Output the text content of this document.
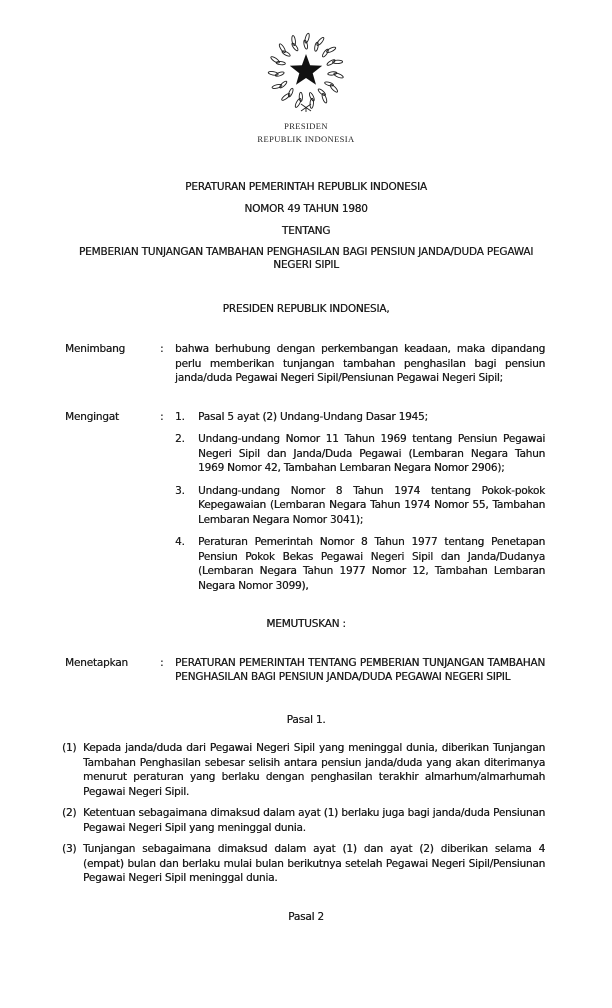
PRESIDEN
REPUBLIK INDONESIA
PERATURAN PEMERINTAH REPUBLIK INDONESIA
NOMOR 49 TAHUN 1980
TENTANG
PEMBERIAN TUNJANGAN TAMBAHAN PENGHASILAN BAGI PENSIUN JANDA/DUDA PEGAWAI NEGERI SIPIL
PRESIDEN REPUBLIK INDONESIA,
Menimbang	:	bahwa berhubung dengan perkembangan keadaan, maka dipandang perlu memberikan tunjangan tambahan penghasilan bagi pensiun janda/duda Pegawai Negeri Sipil/Pensiunan Pegawai Negeri Sipil;
Mengingat	:	1.	Pasal 5 ayat (2) Undang-Undang Dasar 1945;
2.	Undang-undang Nomor 11 Tahun 1969 tentang Pensiun Pegawai Negeri Sipil dan Janda/Duda Pegawai (Lembaran Negara Tahun 1969 Nomor 42, Tambahan Lembaran Negara Nomor 2906);
3.	Undang-undang Nomor 8 Tahun 1974 tentang Pokok-pokok Kepegawaian (Lembaran Negara Tahun 1974 Nomor 55, Tambahan Lembaran Negara Nomor 3041);
4.	Peraturan Pemerintah Nomor 8 Tahun 1977 tentang Penetapan Pensiun Pokok Bekas Pegawai Negeri Sipil dan Janda/Dudanya (Lembaran Negara Tahun 1977 Nomor 12, Tambahan Lembaran Negara Nomor 3099),
MEMUTUSKAN :
Menetapkan	:	PERATURAN PEMERINTAH TENTANG PEMBERIAN TUNJANGAN TAMBAHAN PENGHASILAN BAGI PENSIUN JANDA/DUDA PEGAWAI NEGERI SIPIL
Pasal 1.
(1) Kepada janda/duda dari Pegawai Negeri Sipil yang meninggal dunia, diberikan Tunjangan Tambahan Penghasilan sebesar selisih antara pensiun janda/duda yang akan diterimanya menurut peraturan yang berlaku dengan penghasilan terakhir almarhum/almarhumah Pegawai Negeri Sipil.
(2) Ketentuan sebagaimana dimaksud dalam ayat (1) berlaku juga bagi janda/duda Pensiunan Pegawai Negeri Sipil yang meninggal dunia.
(3) Tunjangan sebagaimana dimaksud dalam ayat (1) dan ayat (2) diberikan selama 4 (empat) bulan dan berlaku mulai bulan berikutnya setelah Pegawai Negeri Sipil/Pensiunan Pegawai Negeri Sipil meninggal dunia.
Pasal 2
